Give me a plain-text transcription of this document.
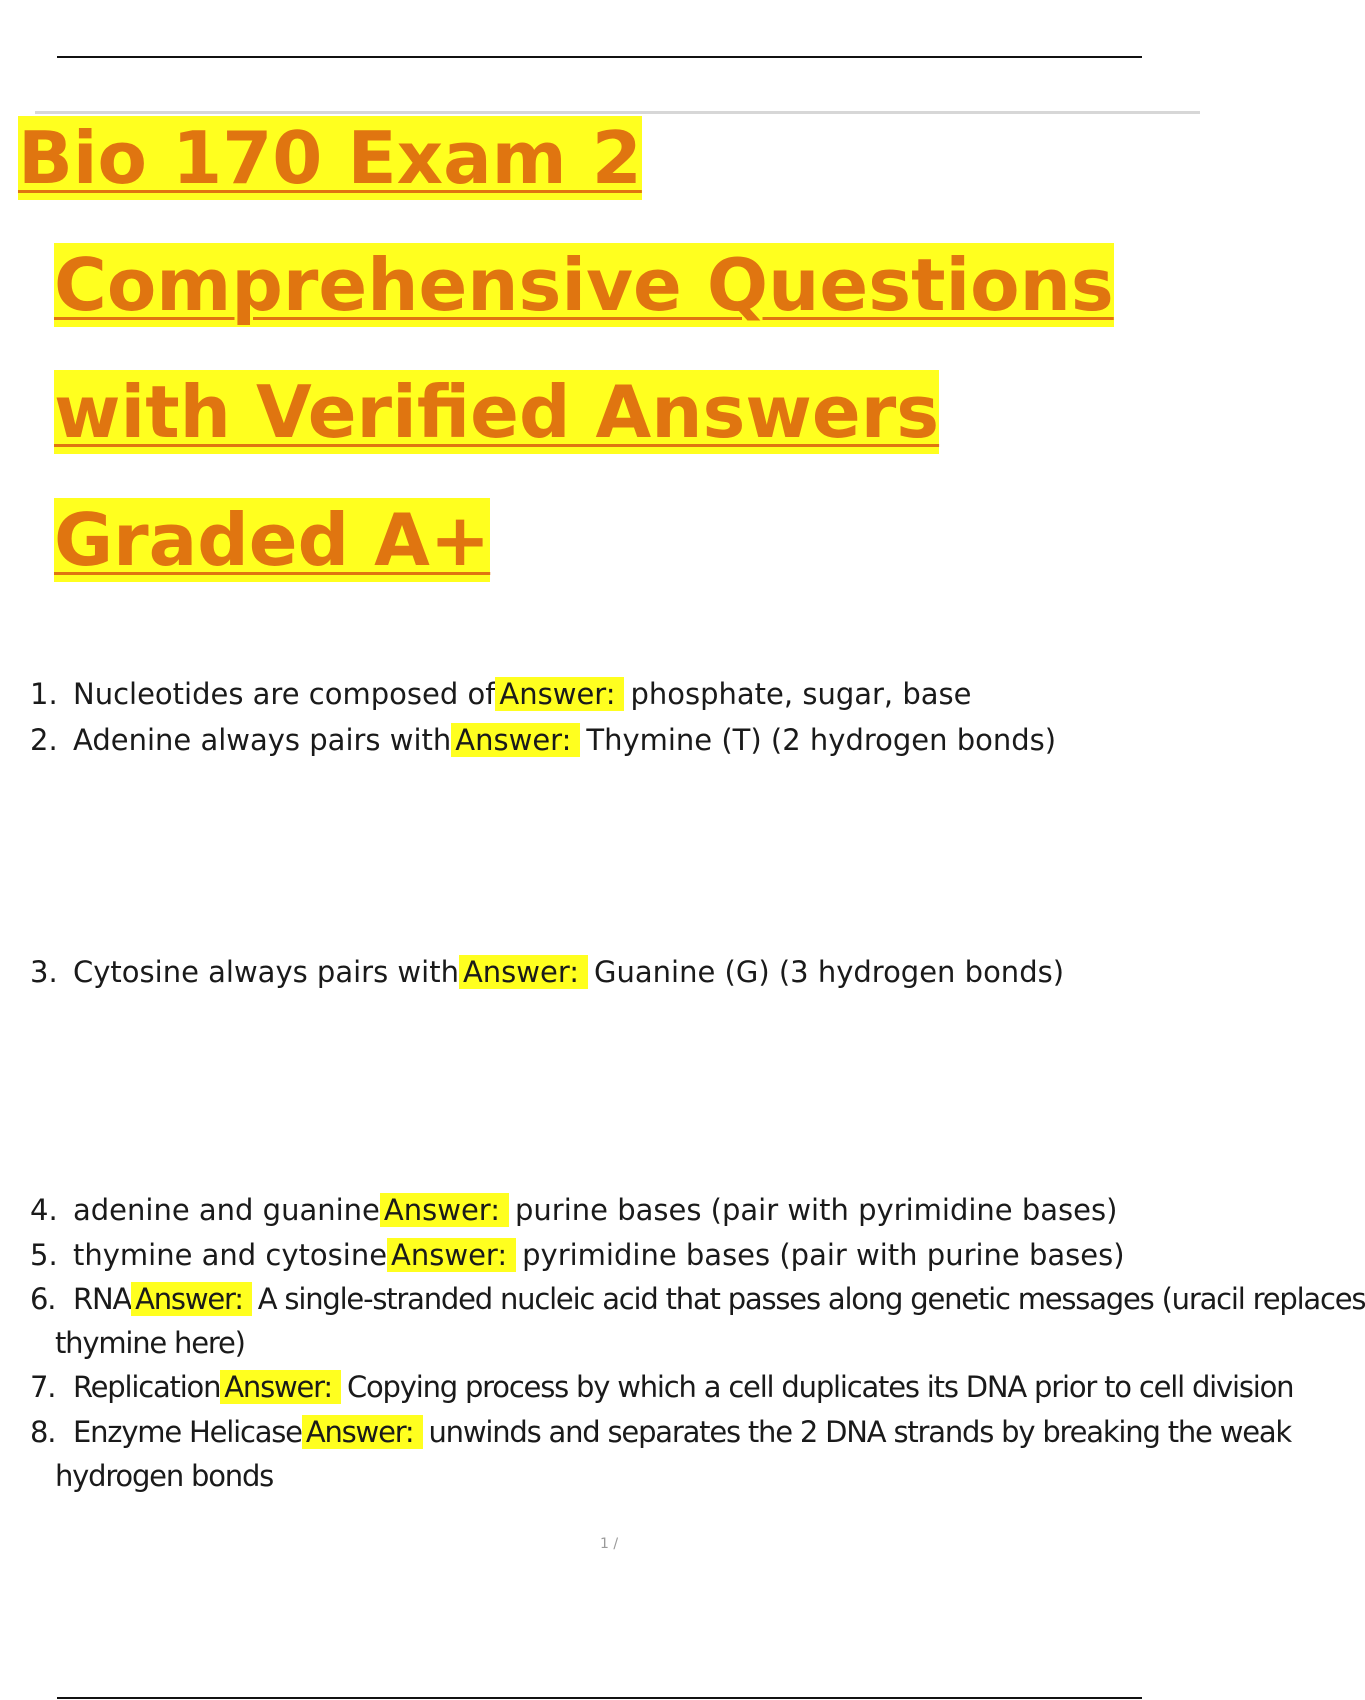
Bio 170 Exam 2
Comprehensive Questions
with Verified Answers
Graded A+
1. Nucleotides are composed of Answer: phosphate, sugar, base
2. Adenine always pairs with Answer: Thymine (T) (2 hydrogen bonds)
3. Cytosine always pairs with Answer: Guanine (G) (3 hydrogen bonds)
4. adenine and guanine Answer: purine bases (pair with pyrimidine bases)
5. thymine and cytosine Answer: pyrimidine bases (pair with purine bases)
6. RNA Answer: A single-stranded nucleic acid that passes along genetic messages (uracil replaces
thymine here)
7. Replication Answer: Copying process by which a cell duplicates its DNA prior to cell division
8. Enzyme Helicase Answer: unwinds and separates the 2 DNA strands by breaking the weak
hydrogen bonds
1 /
